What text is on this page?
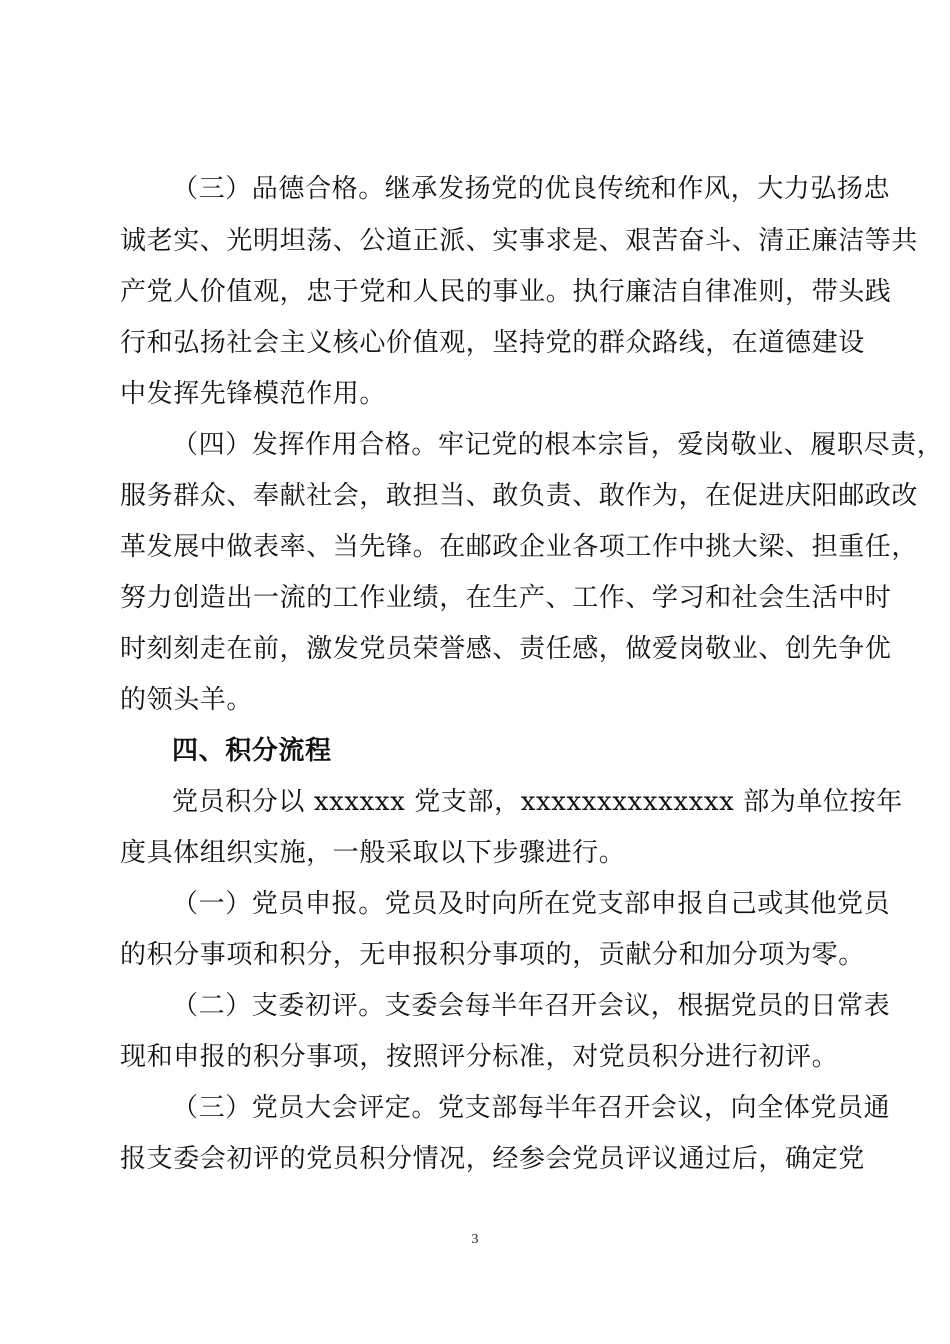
（三）品德合格。继承发扬党的优良传统和作风，大力弘扬忠
诚老实、光明坦荡、公道正派、实事求是、艰苦奋斗、清正廉洁等共
产党人价值观，忠于党和人民的事业。执行廉洁自律准则，带头践
行和弘扬社会主义核心价值观，坚持党的群众路线，在道德建设
中发挥先锋模范作用。
（四）发挥作用合格。牢记党的根本宗旨，爱岗敬业、履职尽责，
服务群众、奉献社会，敢担当、敢负责、敢作为，在促进庆阳邮政改
革发展中做表率、当先锋。在邮政企业各项工作中挑大梁、担重任，
努力创造出一流的工作业绩，在生产、工作、学习和社会生活中时
时刻刻走在前，激发党员荣誉感、责任感，做爱岗敬业、创先争优
的领头羊。
四、积分流程
党员积分以 xxxxxx 党支部，xxxxxxxxxxxxxx 部为单位按年
度具体组织实施，一般采取以下步骤进行。
（一）党员申报。党员及时向所在党支部申报自己或其他党员
的积分事项和积分，无申报积分事项的，贡献分和加分项为零。
（二）支委初评。支委会每半年召开会议，根据党员的日常表
现和申报的积分事项，按照评分标准，对党员积分进行初评。
（三）党员大会评定。党支部每半年召开会议，向全体党员通
报支委会初评的党员积分情况，经参会党员评议通过后，确定党
3
